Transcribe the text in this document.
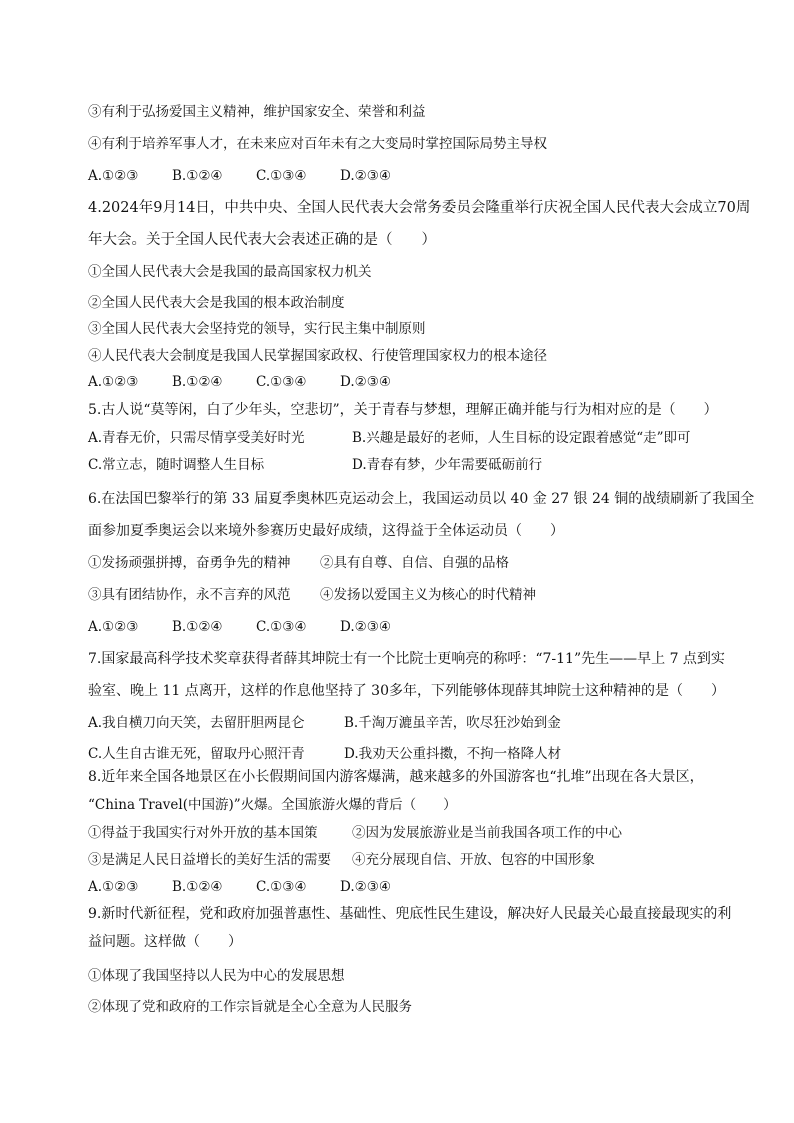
③有利于弘扬爱国主义精神，维护国家安全、荣誉和利益
④有利于培养军事人才，在未来应对百年未有之大变局时掌控国际局势主导权
A.①②③ B.①②④ C.①③④ D.②③④
4.2024年9月14日，中共中央、全国人民代表大会常务委员会隆重举行庆祝全国人民代表大会成立70周
年大会。关于全国人民代表大会表述正确的是（　　）
①全国人民代表大会是我国的最高国家权力机关
②全国人民代表大会是我国的根本政治制度
③全国人民代表大会坚持党的领导，实行民主集中制原则
④人民代表大会制度是我国人民掌握国家政权、行使管理国家权力的根本途径
A.①②③ B.①②④ C.①③④ D.②③④
5.古人说“莫等闲，白了少年头，空悲切”，关于青春与梦想，理解正确并能与行为相对应的是（　　）
A.青春无价，只需尽情享受美好时光	B.兴趣是最好的老师，人生目标的设定跟着感觉“走”即可
C.常立志，随时调整人生目标	D.青春有梦，少年需要砥砺前行
6.在法国巴黎举行的第 33 届夏季奥林匹克运动会上，我国运动员以 40 金 27 银 24 铜的战绩刷新了我国全
面参加夏季奥运会以来境外参赛历史最好成绩，这得益于全体运动员（　　）
①发扬顽强拼搏，奋勇争先的精神 ②具有自尊、自信、自强的品格
③具有团结协作，永不言弃的风范 ④发扬以爱国主义为核心的时代精神
A.①②③ B.①②④ C.①③④ D.②③④
7.国家最高科学技术奖章获得者薛其坤院士有一个比院士更响亮的称呼：“7-11”先生——早上 7 点到实
验室、晚上 11 点离开，这样的作息他坚持了 30多年，下列能够体现薛其坤院士这种精神的是（　　）
A.我自横刀向天笑，去留肝胆两昆仑	B.千淘万漉虽辛苦，吹尽狂沙始到金
C.人生自古谁无死，留取丹心照汗青	D.我劝天公重抖擞，不拘一格降人材
8.近年来全国各地景区在小长假期间国内游客爆满，越来越多的外国游客也“扎堆”出现在各大景区，
“China Travel(中国游)”火爆。全国旅游火爆的背后（　　）
①得益于我国实行对外开放的基本国策	②因为发展旅游业是当前我国各项工作的中心
③是满足人民日益增长的美好生活的需要 ④充分展现自信、开放、包容的中国形象
A.①②③ B.①②④ C.①③④ D.②③④
9.新时代新征程，党和政府加强普惠性、基础性、兜底性民生建设，解决好人民最关心最直接最现实的利
益问题。这样做（　　）
①体现了我国坚持以人民为中心的发展思想
②体现了党和政府的工作宗旨就是全心全意为人民服务
